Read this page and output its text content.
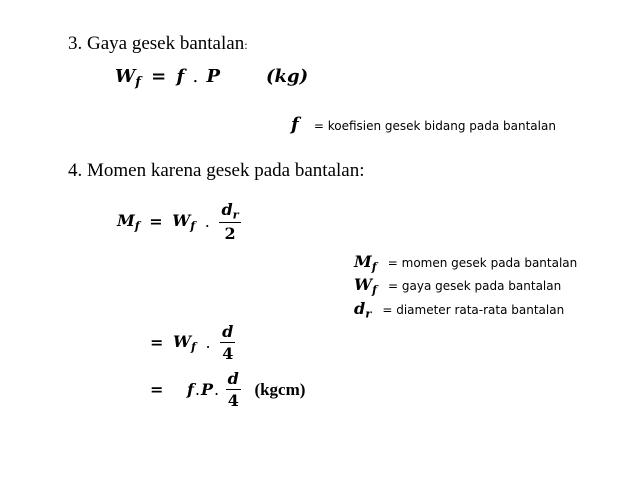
3. Gaya gesek bantalan:
$W_f = f$ . P	(kg)
f = koefisien gesek bidang pada bantalan
4. Momen karena gesek pada bantalan:
$M_f = W_f$ . $\frac{d_r}{2}$
$M_f$ = momen gesek pada bantalan
$W_f$ = gaya gesek pada bantalan
$d_r$ = diameter rata-rata bantalan
= $W_f$ . $\frac{d}{4}$
= f.P. $\frac{d}{4}$ (kgcm)
